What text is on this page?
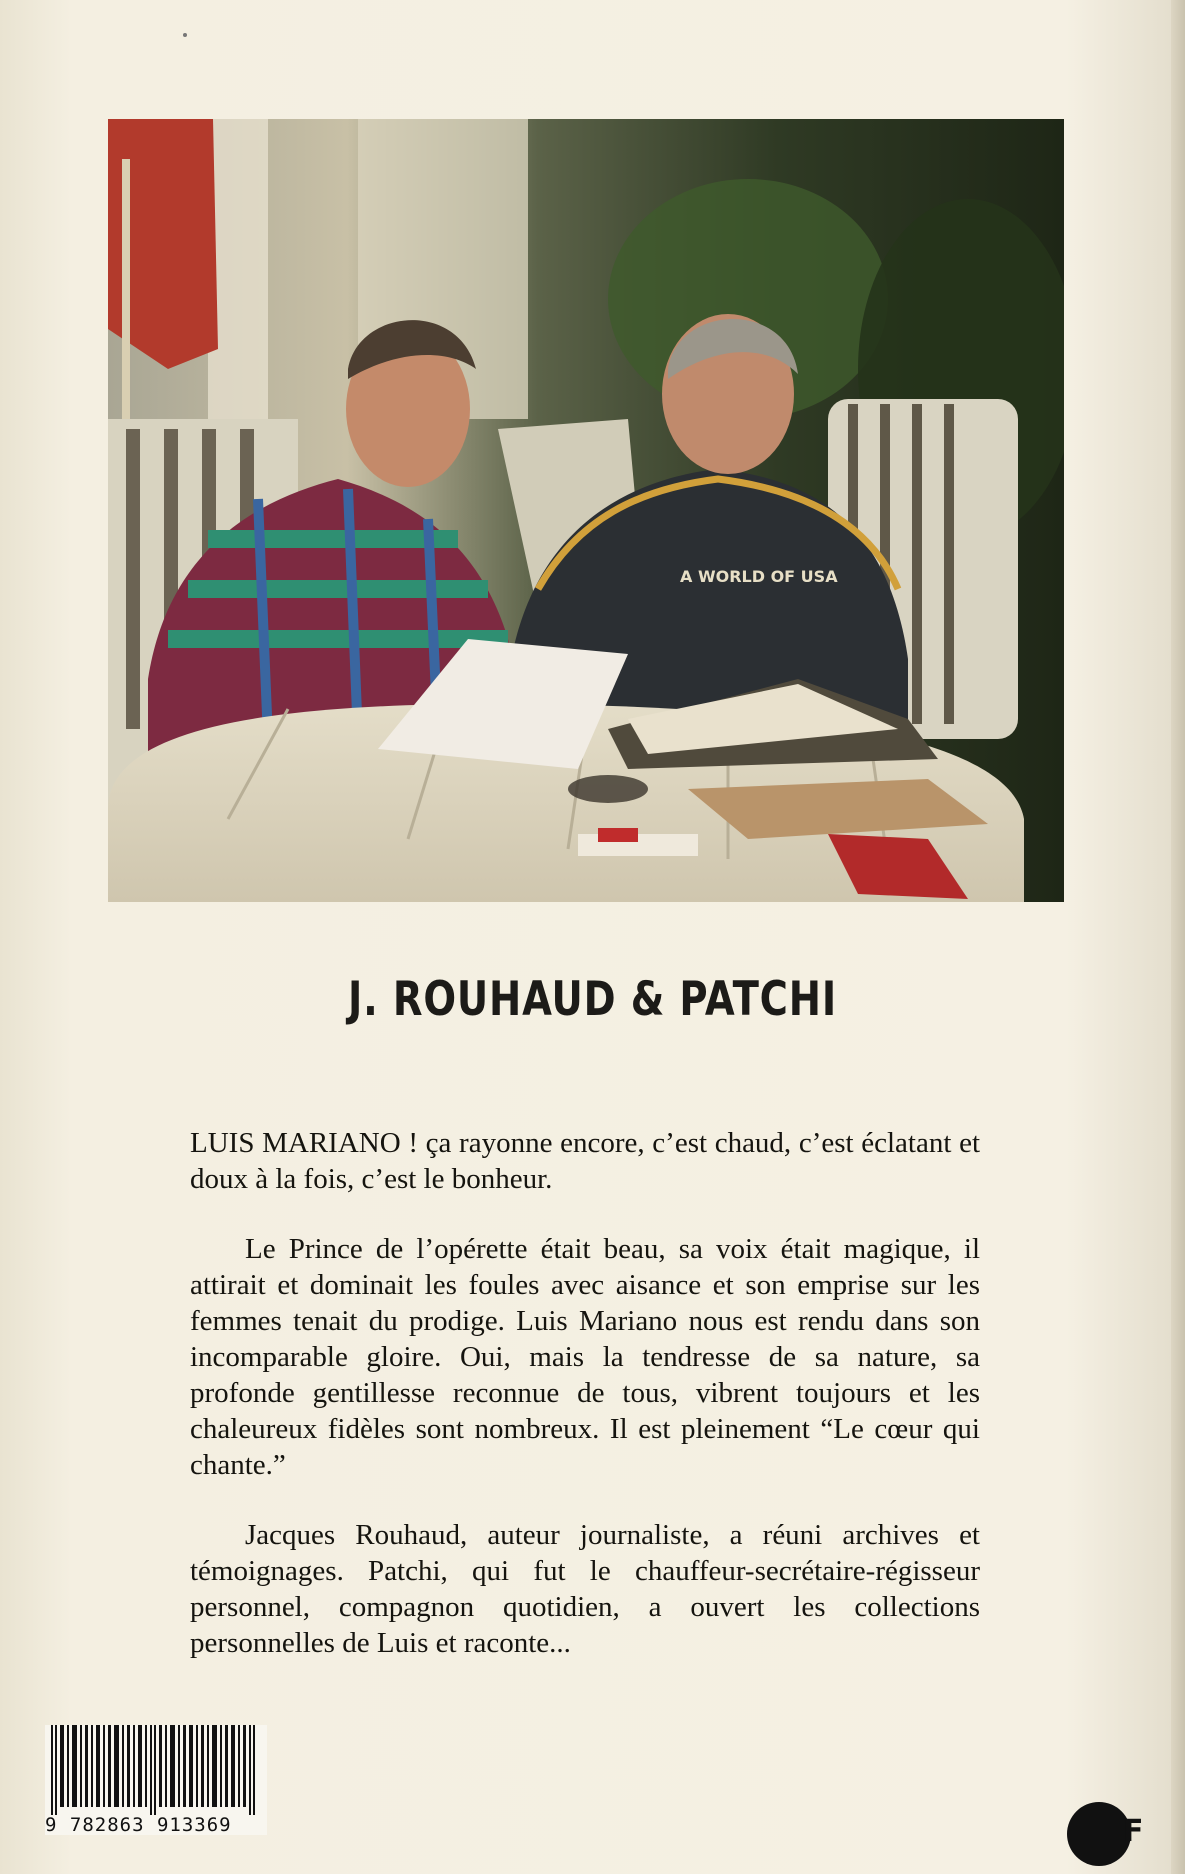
A WORLD OF USA
J. ROUHAUD & PATCHI

LUIS MARIANO ! ça rayonne encore, c’est chaud, c’est éclatant et doux à la fois, c’est le bonheur.

Le Prince de l’opérette était beau, sa voix était magique, il attirait et dominait les foules avec aisance et son emprise sur les femmes tenait du prodige. Luis Mariano nous est rendu dans son incomparable gloire. Oui, mais la tendresse de sa nature, sa profonde gentillesse reconnue de tous, vibrent toujours et les chaleureux fidèles sont nombreux. Il est pleinement “Le cœur qui chante.”

Jacques Rouhaud, auteur journaliste, a réuni archives et témoignages. Patchi, qui fut le chauffeur-secrétaire-régisseur personnel, compagnon quotidien, a ouvert les collections personnelles de Luis et raconte...

9 782863 913369	F
